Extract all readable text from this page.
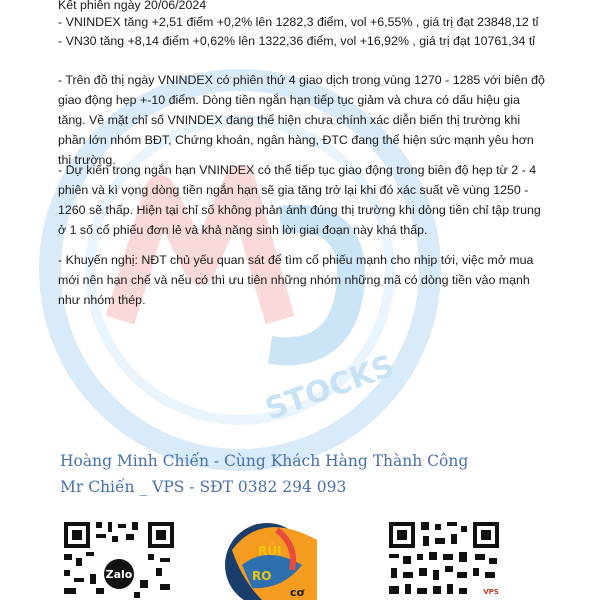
STOCKS
Kết phiên ngày 20/06/2024
- VNINDEX tăng +2,51 điểm +0,2% lên 1282,3 điểm, vol +6,55% , giá trị đạt 23848,12 tỉ
- VN30 tăng +8,14 điểm +0,62% lên 1322,36 điểm, vol +16,92% , giá trị đạt 10761,34 tỉ

- Trên đồ thị ngày VNINDEX có phiên thứ 4 giao dịch trong vùng 1270 - 1285 với biên độ giao động hẹp +-10 điểm. Dòng tiền ngắn hạn tiếp tục giảm và chưa có dấu hiệu gia tăng. Về mặt chỉ số VNINDEX đang thể hiện chưa chính xác diễn biến thị trường khi phần lớn nhóm BĐT, Chứng khoán, ngân hàng, ĐTC đang thể hiện sức mạnh yêu hơn thị trường.

- Dự kiến trong ngắn hạn VNINDEX có thể tiếp tục giao động trong biên độ hẹp từ 2 - 4 phiên và kì vọng dòng tiền ngắn hạn sẽ gia tăng trở lại khi đó xác suất về vùng 1250 - 1260 sẽ thấp. Hiện tại chỉ số không phản ánh đúng thị trường khi dòng tiền chỉ tập trung ở 1 số cổ phiếu đơn lẻ và khả năng sinh lời giai đoạn này khá thấp.

- Khuyến nghị: NĐT chủ yếu quan sát để tìm cổ phiếu mạnh cho nhịp tới, việc mở mua mới nên hạn chế và nếu có thì ưu tiên những nhóm những mã có dòng tiền vào mạnh như nhóm thép.

Hoàng Minh Chiến - Cùng Khách Hàng Thành Công
Mr Chiến _ VPS - SĐT 0382 294 093
Zalo
RỦI
RO
cơ	VPS
